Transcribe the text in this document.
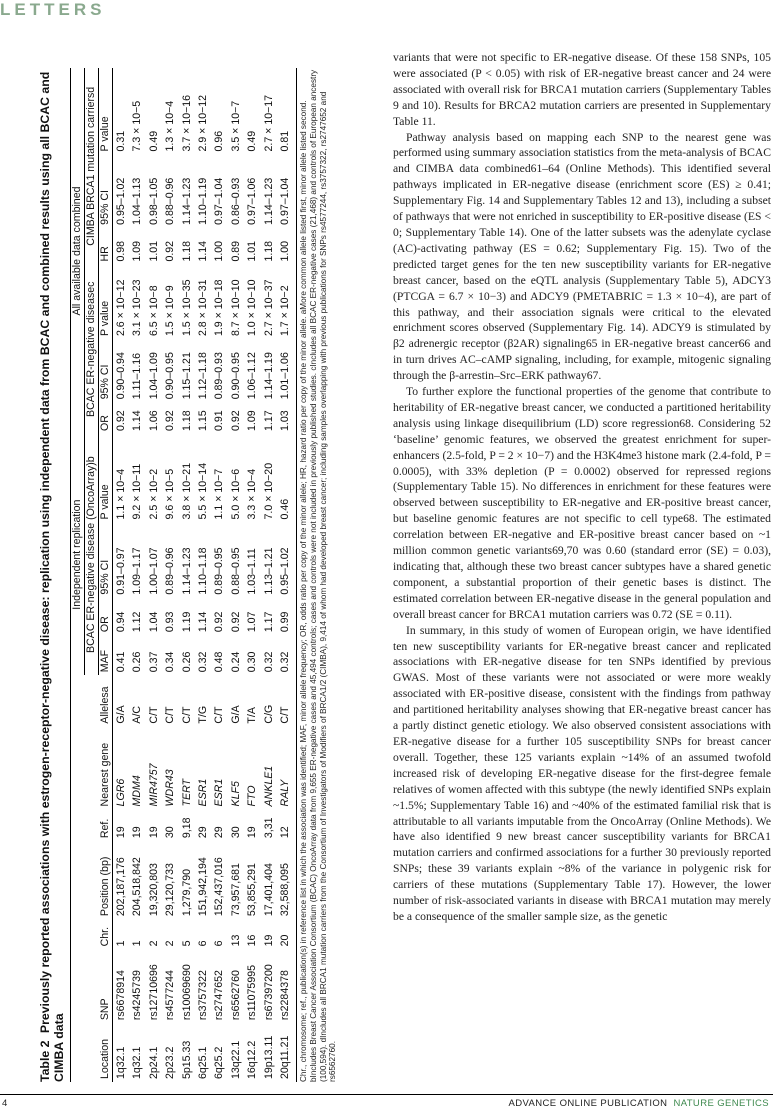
LETTERS
Table 2 Previously reported associations with estrogen-receptor-negative disease: replication using independent data from BCAC and combined results using all BCAC and CIMBA data
							Independent replication				All available data combined					
							BCAC ER-negative disease (OncoArray)b				BCAC ER-negative diseasec			CIMBA BRCA1 mutation carriersd		
Location	SNP	Chr.	Position (bp)	Ref.	Nearest gene	Allelesa	MAF	OR	95% CI	P value	OR	95% CI	P value	HR	95% CI	P value
1q32.1	rs6678914	1	202,187,176	19	LGR6	G/A	0.41	0.94	0.91–0.97	1.1 × 10−4	0.92	0.90–0.94	2.6 × 10−12	0.98	0.95–1.02	0.31
1q32.1	rs4245739	1	204,518,842	19	MDM4	A/C	0.26	1.12	1.09–1.17	9.2 × 10−11	1.14	1.11–1.16	3.1 × 10−23	1.09	1.04–1.13	7.3 × 10−5
2p24.1	rs12710696	2	19,320,803	19	MIR4757	C/T	0.37	1.04	1.00–1.07	2.5 × 10−2	1.06	1.04–1.09	6.5 × 10−8	1.01	0.98–1.05	0.49
2p23.2	rs4577244	2	29,120,733	30	WDR43	C/T	0.34	0.93	0.89–0.96	9.6 × 10−5	0.92	0.90–0.95	1.5 × 10−9	0.92	0.88–0.96	1.3 × 10−4
5p15.33	rs10069690	5	1,279,790	9,18	TERT	C/T	0.26	1.19	1.14–1.23	3.8 × 10−21	1.18	1.15–1.21	1.5 × 10−35	1.18	1.14–1.23	3.7 × 10−16
6q25.1	rs3757322	6	151,942,194	29	ESR1	T/G	0.32	1.14	1.10–1.18	5.5 × 10−14	1.15	1.12–1.18	2.8 × 10−31	1.14	1.10–1.19	2.9 × 10−12
6q25.2	rs2747652	6	152,437,016	29	ESR1	C/T	0.48	0.92	0.89–0.95	1.1 × 10−7	0.91	0.89–0.93	1.9 × 10−18	1.00	0.97–1.04	0.96
13q22.1	rs6562760	13	73,957,681	30	KLF5	G/A	0.24	0.92	0.88–0.95	5.0 × 10−6	0.92	0.90–0.95	8.7 × 10−10	0.89	0.86–0.93	3.5 × 10−7
16q12.2	rs11075995	16	53,855,291	19	FTO	T/A	0.30	1.07	1.03–1.11	3.3 × 10−4	1.09	1.06–1.12	1.0 × 10−10	1.01	0.97–1.06	0.49
19p13.11	rs67397200	19	17,401,404	3,31	ANKLE1	C/G	0.32	1.17	1.13–1.21	7.0 × 10−20	1.17	1.14–1.19	2.7 × 10−37	1.18	1.14–1.23	2.7 × 10−17
20q11.21	rs2284378	20	32,588,095	12	RALY	C/T	0.32	0.99	0.95–1.02	0.46	1.03	1.01–1.06	1.7 × 10−2	1.00	0.97–1.04	0.81	Chr., chromosome; ref., publication(s) in reference list in which the association was identified; MAF, minor allele frequency; OR, odds ratio per copy of the minor allele; HR, hazard ratio per copy of the minor allele. aMore common allele listed first, minor allele listed second. bIncludes Breast Cancer Association Consortium (BCAC) OncoArray data from 9,655 ER-negative cases and 45,494 controls; cases and controls were not included in previously published studies. cIncludes all BCAC ER-negative cases (21,468) and controls of European ancestry (100,594). dIncludes all BRCA1 mutation carriers from the Consortium of Investigators of Modifiers of BRCA1/2 (CIMBA), 9,414 of whom had developed breast cancer; including samples overlapping with previous publications for SNPs rs4577244, rs3757322, rs2747652 and rs6562760.

variants that were not specific to ER-negative disease. Of these 158 SNPs, 105 were associated (P < 0.05) with risk of ER-negative breast cancer and 24 were associated with overall risk for BRCA1 mutation carriers (Supplementary Tables 9 and 10). Results for BRCA2 mutation carriers are presented in Supplementary Table 11.

Pathway analysis based on mapping each SNP to the nearest gene was performed using summary association statistics from the meta-analysis of BCAC and CIMBA data combined61–64 (Online Methods). This identified several pathways implicated in ER-negative disease (enrichment score (ES) ≥ 0.41; Supplementary Fig. 14 and Supplementary Tables 12 and 13), including a subset of pathways that were not enriched in susceptibility to ER-positive disease (ES < 0; Supplementary Table 14). One of the latter subsets was the adenylate cyclase (AC)-activating pathway (ES = 0.62; Supplementary Fig. 15). Two of the predicted target genes for the ten new susceptibility variants for ER-negative breast cancer, based on the eQTL analysis (Supplementary Table 5), ADCY3 (PTCGA = 6.7 × 10−3) and ADCY9 (PMETABRIC = 1.3 × 10−4), are part of this pathway, and their association signals were critical to the elevated enrichment scores observed (Supplementary Fig. 14). ADCY9 is stimulated by β2 adrenergic receptor (β2AR) signaling65 in ER-negative breast cancer66 and in turn drives AC–cAMP signaling, including, for example, mitogenic signaling through the β-arrestin–Src–ERK pathway67.

To further explore the functional properties of the genome that contribute to heritability of ER-negative breast cancer, we conducted a partitioned heritability analysis using linkage disequilibrium (LD) score regression68. Considering 52 ‘baseline’ genomic features, we observed the greatest enrichment for super-enhancers (2.5-fold, P = 2 × 10−7) and the H3K4me3 histone mark (2.4-fold, P = 0.0005), with 33% depletion (P = 0.0002) observed for repressed regions (Supplementary Table 15). No differences in enrichment for these features were observed between susceptibility to ER-negative and ER-positive breast cancer, but baseline genomic features are not specific to cell type68. The estimated correlation between ER-negative and ER-positive breast cancer based on ~1 million common genetic variants69,70 was 0.60 (standard error (SE) = 0.03), indicating that, although these two breast cancer subtypes have a shared genetic component, a substantial proportion of their genetic bases is distinct. The estimated correlation between ER-negative disease in the general population and overall breast cancer for BRCA1 mutation carriers was 0.72 (SE = 0.11).

In summary, in this study of women of European origin, we have identified ten new susceptibility variants for ER-negative breast cancer and replicated associations with ER-negative disease for ten SNPs identified by previous GWAS. Most of these variants were not associated or were more weakly associated with ER-positive disease, consistent with the findings from pathway and partitioned heritability analyses showing that ER-negative breast cancer has a partly distinct genetic etiology. We also observed consistent associations with ER-negative disease for a further 105 susceptibility SNPs for breast cancer overall. Together, these 125 variants explain ~14% of an assumed twofold increased risk of developing ER-negative disease for the first-degree female relatives of women affected with this subtype (the newly identified SNPs explain ~1.5%; Supplementary Table 16) and ~40% of the estimated familial risk that is attributable to all variants imputable from the OncoArray (Online Methods). We have also identified 9 new breast cancer susceptibility variants for BRCA1 mutation carriers and confirmed associations for a further 30 previously reported SNPs; these 39 variants explain ~8% of the variance in polygenic risk for carriers of these mutations (Supplementary Table 17). However, the lower number of risk-associated variants in disease with BRCA1 mutation may merely be a consequence of the smaller sample size, as the genetic

4	ADVANCE ONLINE PUBLICATION NATURE GENETICS
